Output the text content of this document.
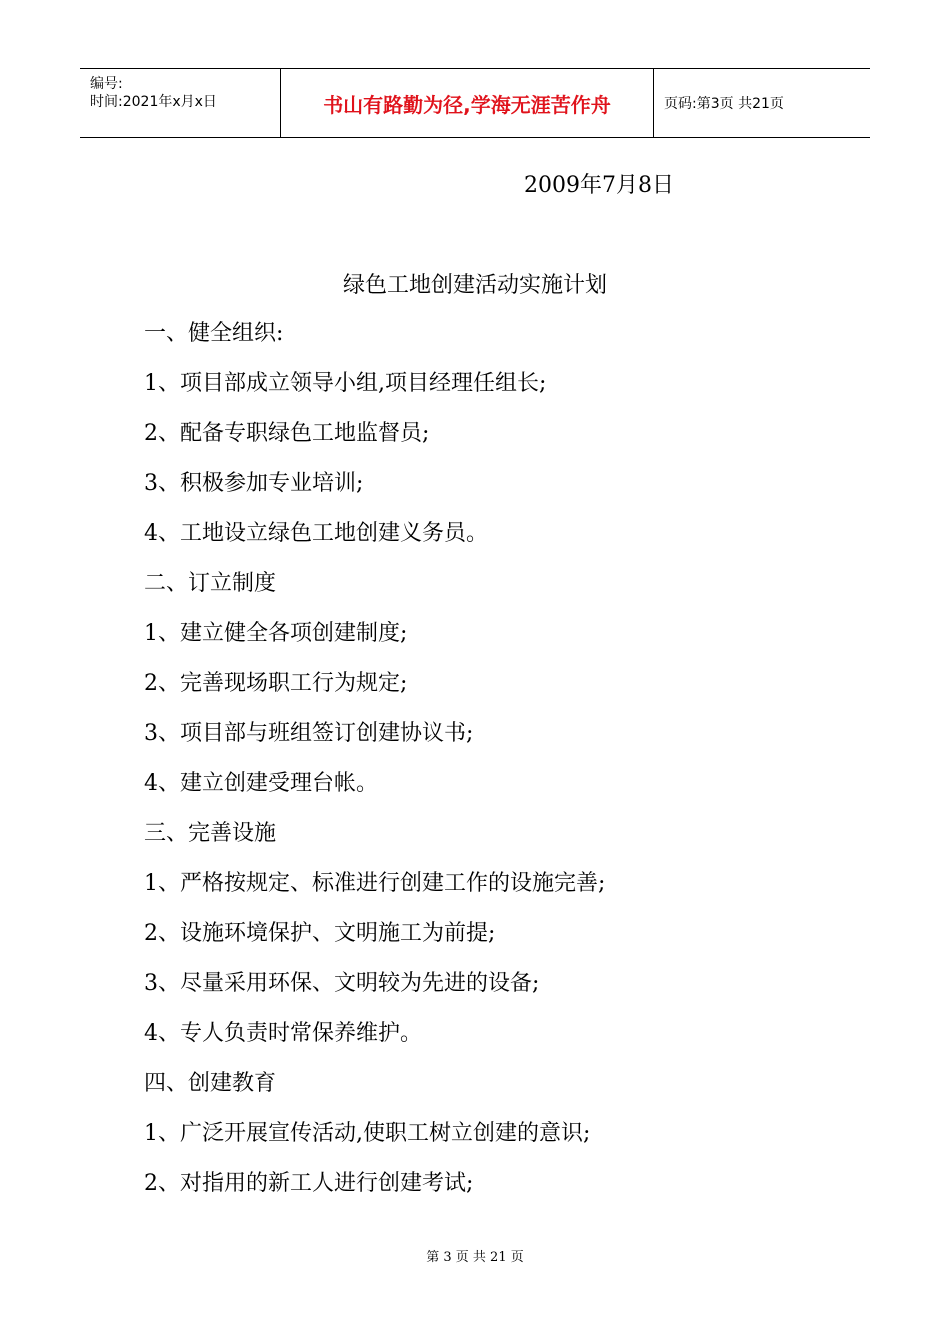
编号:
时间:2021年x月x日	书山有路勤为径,学海无涯苦作舟	页码:第3页 共21页
2009年7月8日
绿色工地创建活动实施计划
一、健全组织:
1、项目部成立领导小组,项目经理任组长;
2、配备专职绿色工地监督员;
3、积极参加专业培训;
4、工地设立绿色工地创建义务员。
二、订立制度
1、建立健全各项创建制度;
2、完善现场职工行为规定;
3、项目部与班组签订创建协议书;
4、建立创建受理台帐。
三、完善设施
1、严格按规定、标准进行创建工作的设施完善;
2、设施环境保护、文明施工为前提;
3、尽量采用环保、文明较为先进的设备;
4、专人负责时常保养维护。
四、创建教育
1、广泛开展宣传活动,使职工树立创建的意识;
2、对指用的新工人进行创建考试;
第 3 页 共 21 页
